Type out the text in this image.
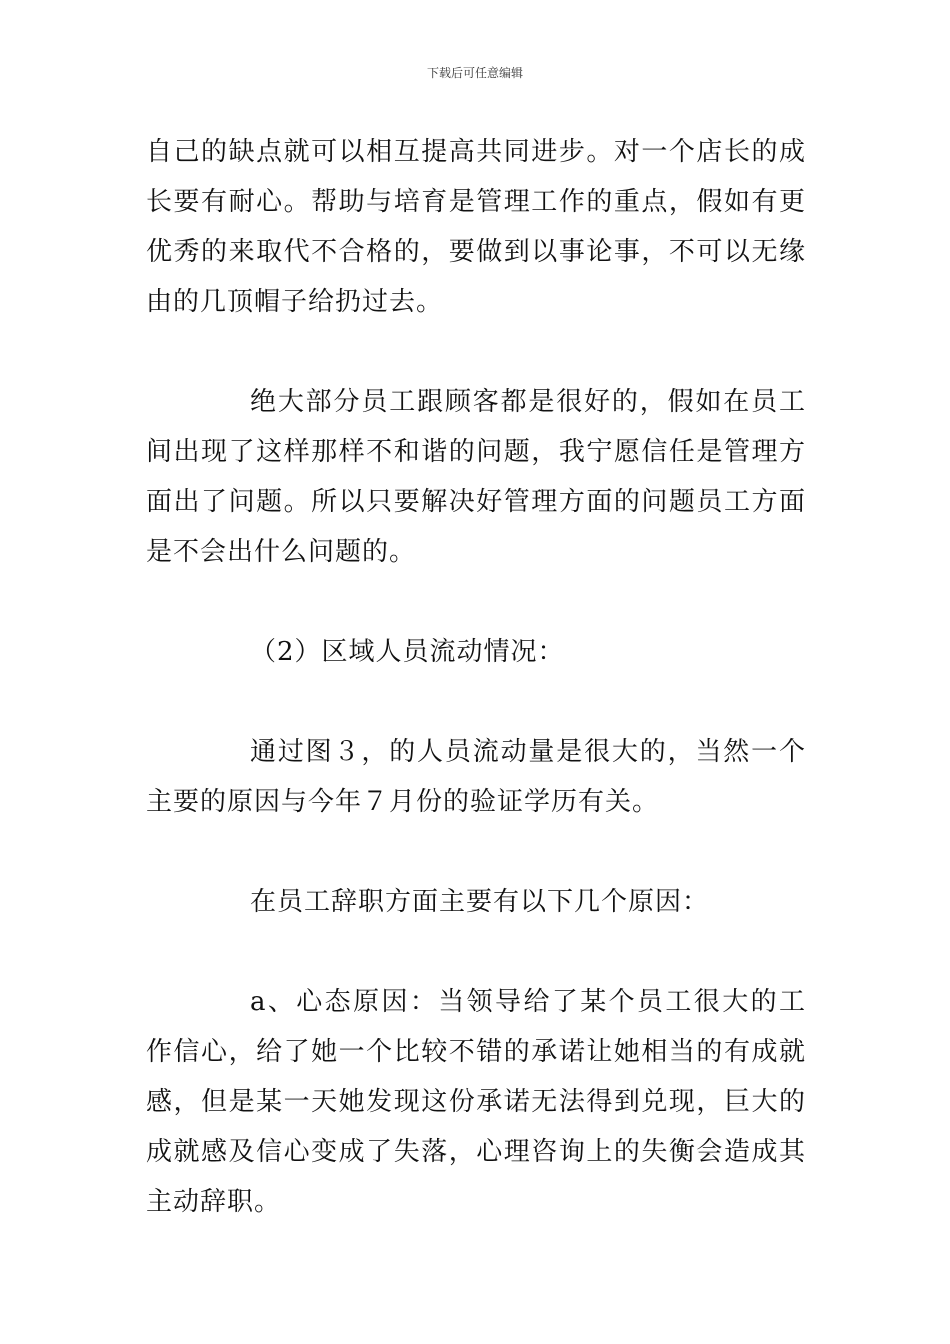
下载后可任意编辑

自己的缺点就可以相互提高共同进步。对一个店长的成长要有耐心。帮助与培育是管理工作的重点，假如有更优秀的来取代不合格的，要做到以事论事，不可以无缘由的几顶帽子给扔过去。

绝大部分员工跟顾客都是很好的，假如在员工间出现了这样那样不和谐的问题，我宁愿信任是管理方面出了问题。所以只要解决好管理方面的问题员工方面是不会出什么问题的。

（2）区域人员流动情况：

通过图３，的人员流动量是很大的，当然一个主要的原因与今年７月份的验证学历有关。

在员工辞职方面主要有以下几个原因：

a、心态原因：当领导给了某个员工很大的工作信心，给了她一个比较不错的承诺让她相当的有成就感，但是某一天她发现这份承诺无法得到兑现，巨大的成就感及信心变成了失落，心理咨询上的失衡会造成其主动辞职。
